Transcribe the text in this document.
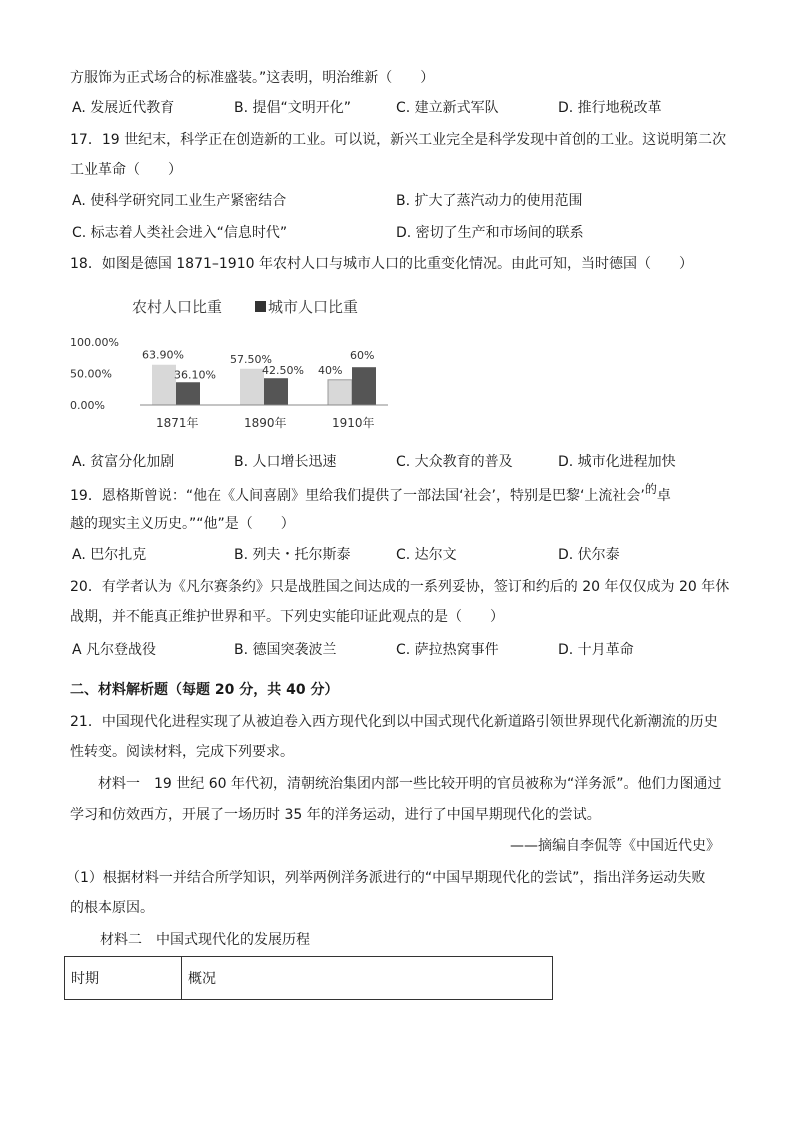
方服饰为正式场合的标准盛装。”这表明，明治维新（　　）
A. 发展近代教育	B. 提倡“文明开化”	C. 建立新式军队	D. 推行地税改革
17．19 世纪末，科学正在创造新的工业。可以说，新兴工业完全是科学发现中首创的工业。这说明第二次
工业革命（　　）
A. 使科学研究同工业生产紧密结合	B. 扩大了蒸汽动力的使用范围
C. 标志着人类社会进入“信息时代”	D. 密切了生产和市场间的联系
18．如图是德国 1871–1910 年农村人口与城市人口的比重变化情况。由此可知，当时德国（　　）
农村人口比重	城市人口比重
100.00%
50.00%
0.00%
63.90%
36.10%
57.50%
42.50% 40%
60%
1871年	1890年	1910年
A. 贫富分化加剧	B. 人口增长迅速	C. 大众教育的普及	D. 城市化进程加快
19．恩格斯曾说：“他在《人间喜剧》里给我们提供了一部法国‘社会’，特别是巴黎‘上流社会’的卓
越的现实主义历史。”“他”是（　　）
A. 巴尔扎克	B. 列夫・托尔斯泰	C. 达尔文	D. 伏尔泰
20．有学者认为《凡尔赛条约》只是战胜国之间达成的一系列妥协，签订和约后的 20 年仅仅成为 20 年休
战期，并不能真正维护世界和平。下列史实能印证此观点的是（　　）
A 凡尔登战役	B. 德国突袭波兰	C. 萨拉热窝事件	D. 十月革命
二、材料解析题（每题 20 分，共 40 分）
21．中国现代化进程实现了从被迫卷入西方现代化到以中国式现代化新道路引领世界现代化新潮流的历史
性转变。阅读材料，完成下列要求。
材料一　19 世纪 60 年代初，清朝统治集团内部一些比较开明的官员被称为“洋务派”。他们力图通过
学习和仿效西方，开展了一场历时 35 年的洋务运动，进行了中国早期现代化的尝试。
——摘编自李侃等《中国近代史》
（1）根据材料一并结合所学知识，列举两例洋务派进行的“中国早期现代化的尝试”，指出洋务运动失败
的根本原因。
材料二　中国式现代化的发展历程
时期	概况
